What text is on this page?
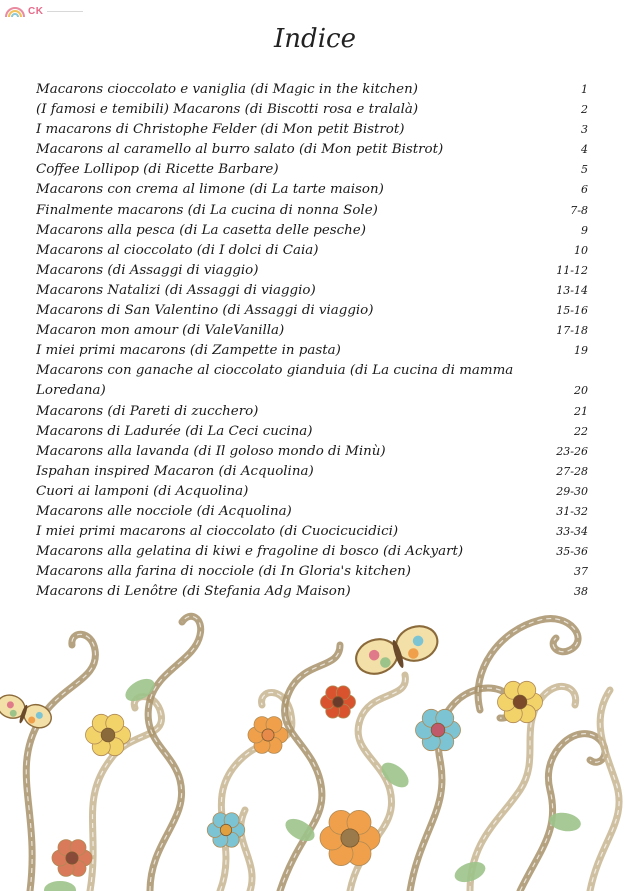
CK
Indice
Macarons cioccolato e vaniglia (di Magic in the kitchen)	1
(I famosi e temibili) Macarons (di Biscotti rosa e tralalà)	2
I macarons di Christophe Felder (di Mon petit Bistrot)	3
Macarons al caramello al burro salato (di Mon petit Bistrot)	4
Coffee Lollipop (di Ricette Barbare)	5
Macarons con crema al limone (di La tarte maison)	6
Finalmente macarons (di La cucina di nonna Sole)	7-8
Macarons alla pesca (di La casetta delle pesche)	9
Macarons al cioccolato (di I dolci di Caia)	10
Macarons (di Assaggi di viaggio)	11-12
Macarons Natalizi (di Assaggi di viaggio)	13-14
Macarons di San Valentino (di Assaggi di viaggio)	15-16
Macaron mon amour (di ValeVanilla)	17-18
I miei primi macarons (di Zampette in pasta)	19
Macarons con ganache al cioccolato gianduia (di La cucina di mamma Loredana)	20
Macarons (di Pareti di zucchero)	21
Macarons di Ladurée (di La Ceci cucina)	22
Macarons alla lavanda (di Il goloso mondo di Minù)	23-26
Ispahan inspired Macaron (di Acquolina)	27-28
Cuori ai lamponi (di Acquolina)	29-30
Macarons alle nocciole (di Acquolina)	31-32
I miei primi macarons al cioccolato (di Cuocicucidici)	33-34
Macarons alla gelatina di kiwi e fragoline di bosco (di Ackyart)	35-36
Macarons alla farina di nocciole (di In Gloria's kitchen)	37
Macarons di Lenôtre (di Stefania Adg Maison)	38
